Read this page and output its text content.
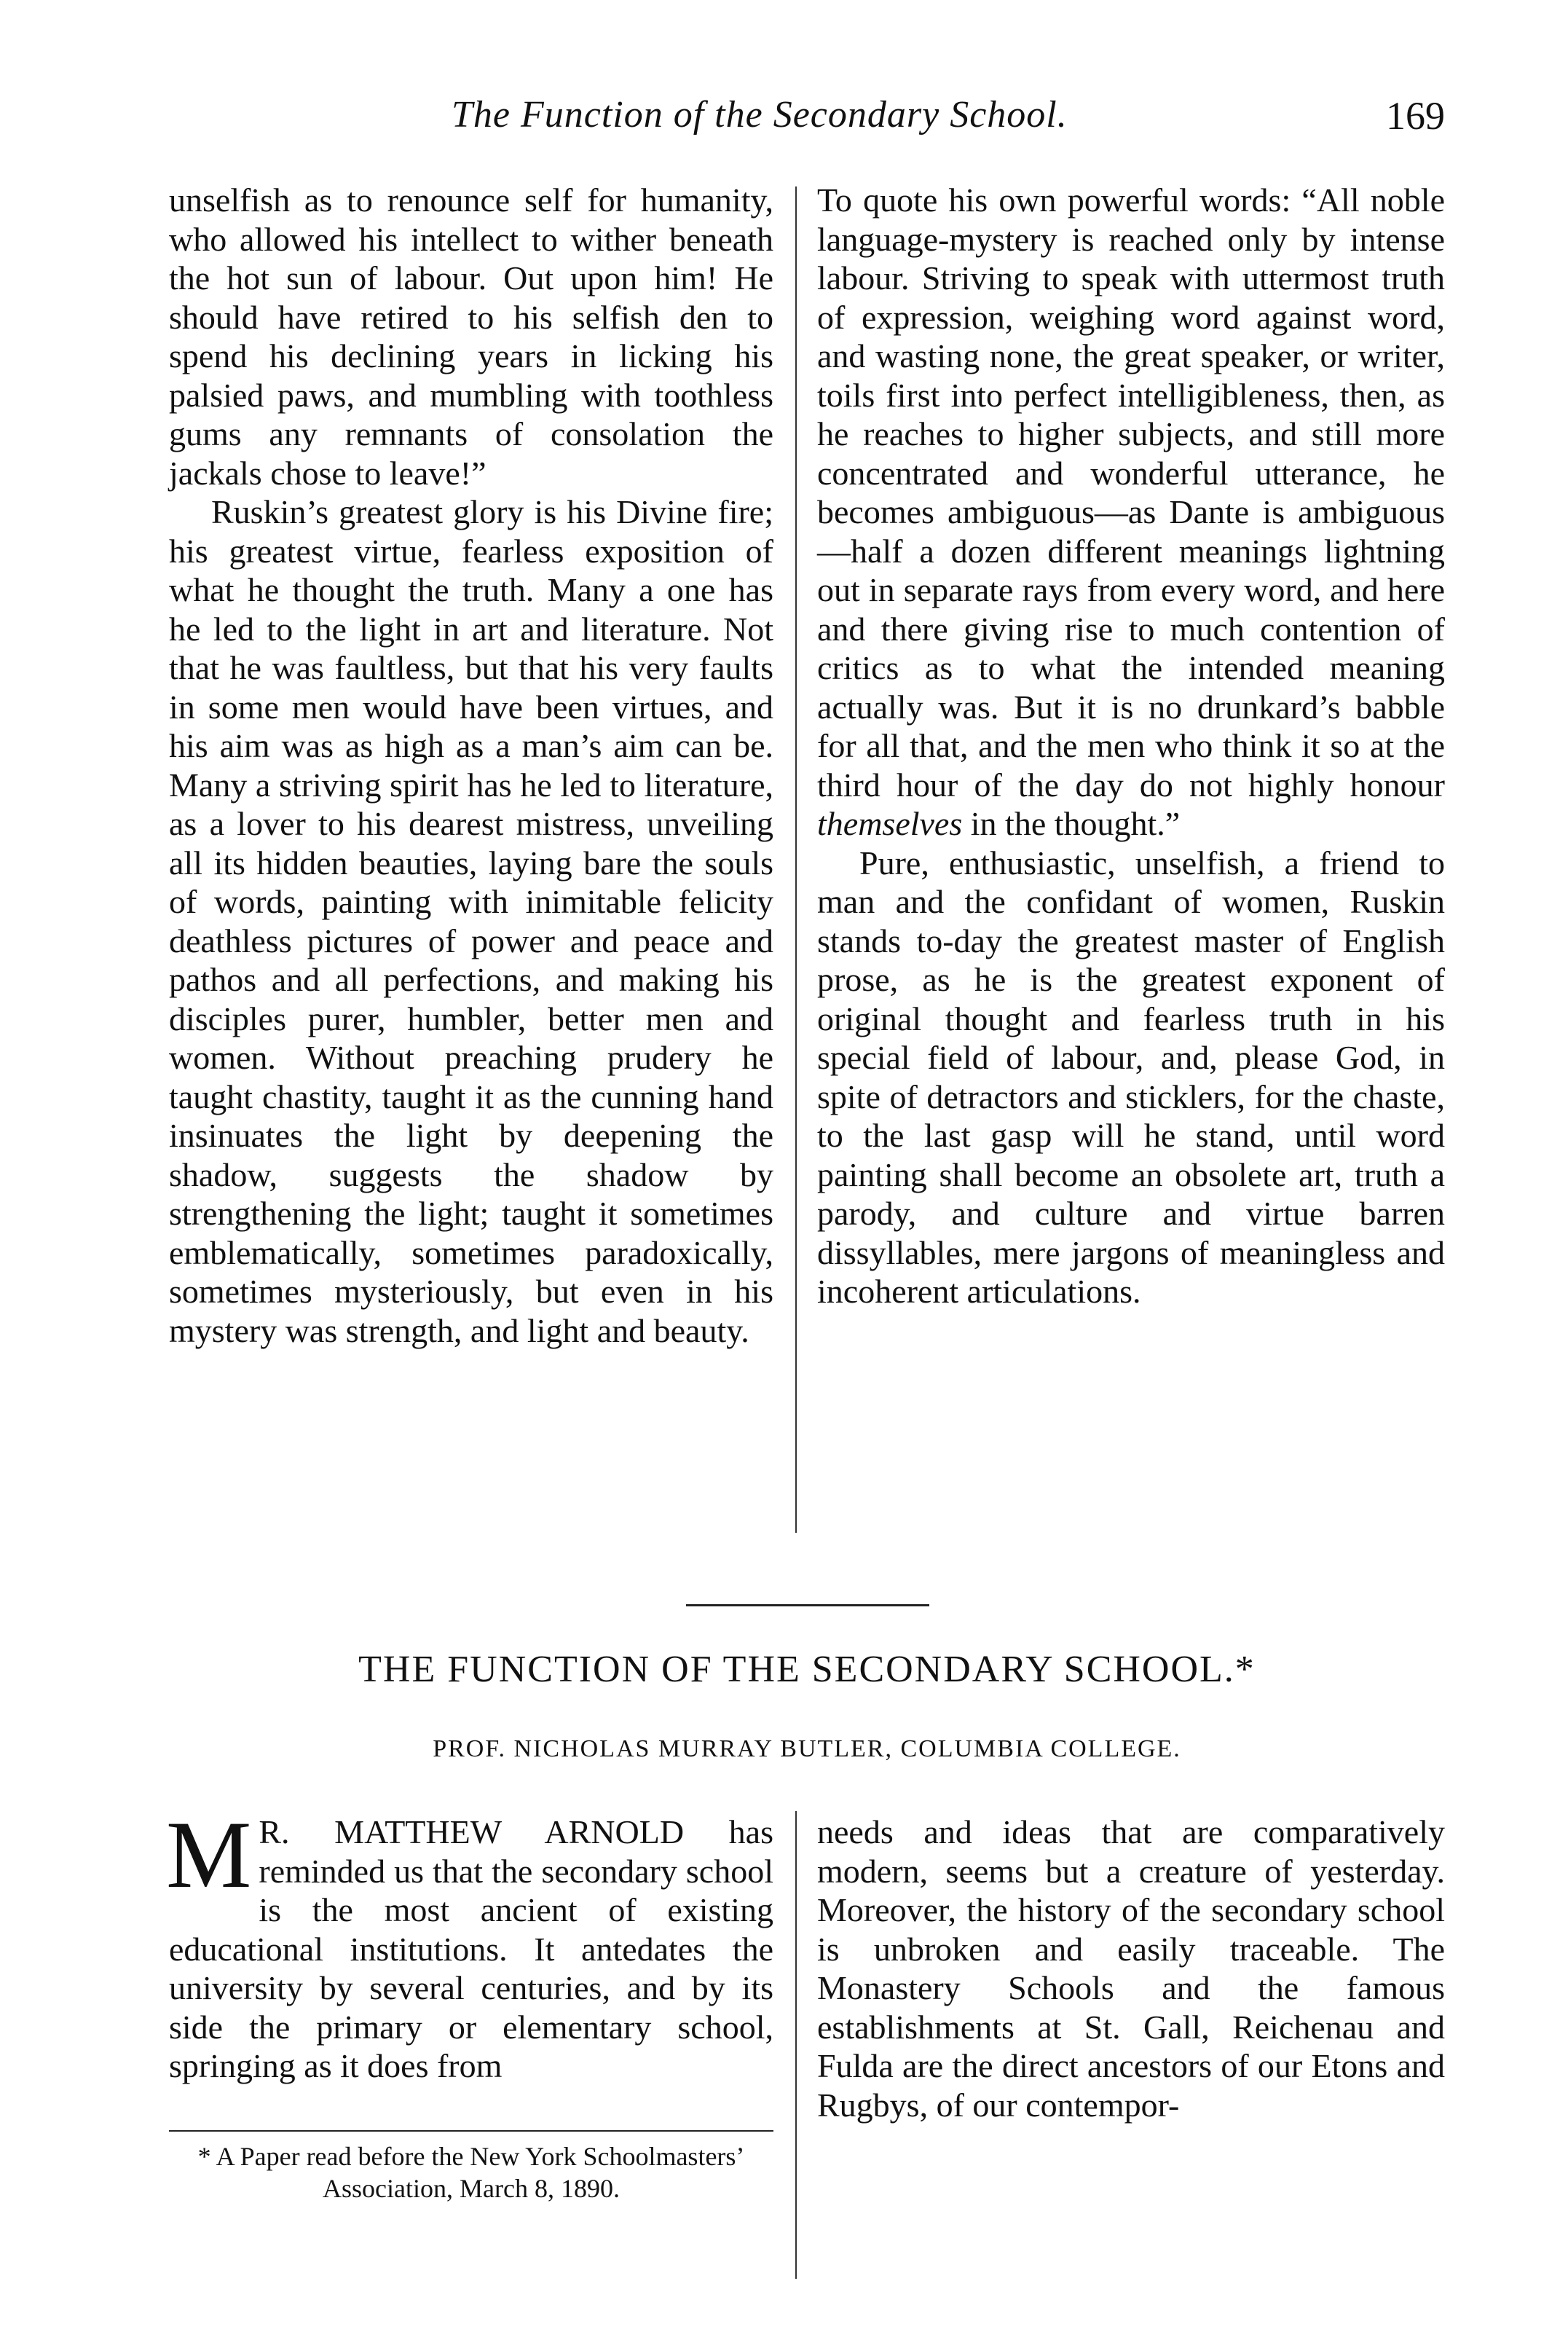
The Function of the Secondary School.	169

unselfish as to renounce self for humanity, who allowed his intellect to wither beneath the hot sun of labour. Out upon him! He should have retired to his selfish den to spend his declining years in licking his palsied paws, and mumbling with toothless gums any remnants of consolation the jackals chose to leave!”

Ruskin’s greatest glory is his Divine fire; his greatest virtue, fearless exposition of what he thought the truth. Many a one has he led to the light in art and literature. Not that he was faultless, but that his very faults in some men would have been virtues, and his aim was as high as a man’s aim can be. Many a striving spirit has he led to literature, as a lover to his dearest mistress, unveiling all its hidden beauties, laying bare the souls of words, painting with inimitable felicity deathless pictures of power and peace and pathos and all perfections, and making his disciples purer, humbler, better men and women. Without preaching prudery he taught chastity, taught it as the cunning hand insinuates the light by deepening the shadow, suggests the shadow by strengthening the light; taught it sometimes emblematically, sometimes paradoxically, sometimes mysteriously, but even in his mystery was strength, and light and beauty.

To quote his own powerful words: “All noble language-mystery is reached only by intense labour. Striving to speak with uttermost truth of expression, weighing word against word, and wasting none, the great speaker, or writer, toils first into perfect intelligibleness, then, as he reaches to higher subjects, and still more concentrated and wonderful utterance, he becomes ambiguous—as Dante is ambiguous—half a dozen different meanings lightning out in separate rays from every word, and here and there giving rise to much contention of critics as to what the intended meaning actually was. But it is no drunkard’s babble for all that, and the men who think it so at the third hour of the day do not highly honour themselves in the thought.”

Pure, enthusiastic, unselfish, a friend to man and the confidant of women, Ruskin stands to-day the greatest master of English prose, as he is the greatest exponent of original thought and fearless truth in his special field of labour, and, please God, in spite of detractors and sticklers, for the chaste, to the last gasp will he stand, until word painting shall become an obsolete art, truth a parody, and culture and virtue barren dissyllables, mere jargons of meaningless and incoherent articulations.

THE FUNCTION OF THE SECONDARY SCHOOL.*
PROF. NICHOLAS MURRAY BUTLER, COLUMBIA COLLEGE.

M R. MATTHEW ARNOLD has reminded us that the secondary school is the most ancient of existing educational institutions. It antedates the university by several centuries, and by its side the primary or elementary school, springing as it does from

needs and ideas that are comparatively modern, seems but a creature of yesterday. Moreover, the history of the secondary school is unbroken and easily traceable. The Monastery Schools and the famous establishments at St. Gall, Reichenau and Fulda are the direct ancestors of our Etons and Rugbys, of our contempor-

* A Paper read before the New York Schoolmasters’ Association, March 8, 1890.
